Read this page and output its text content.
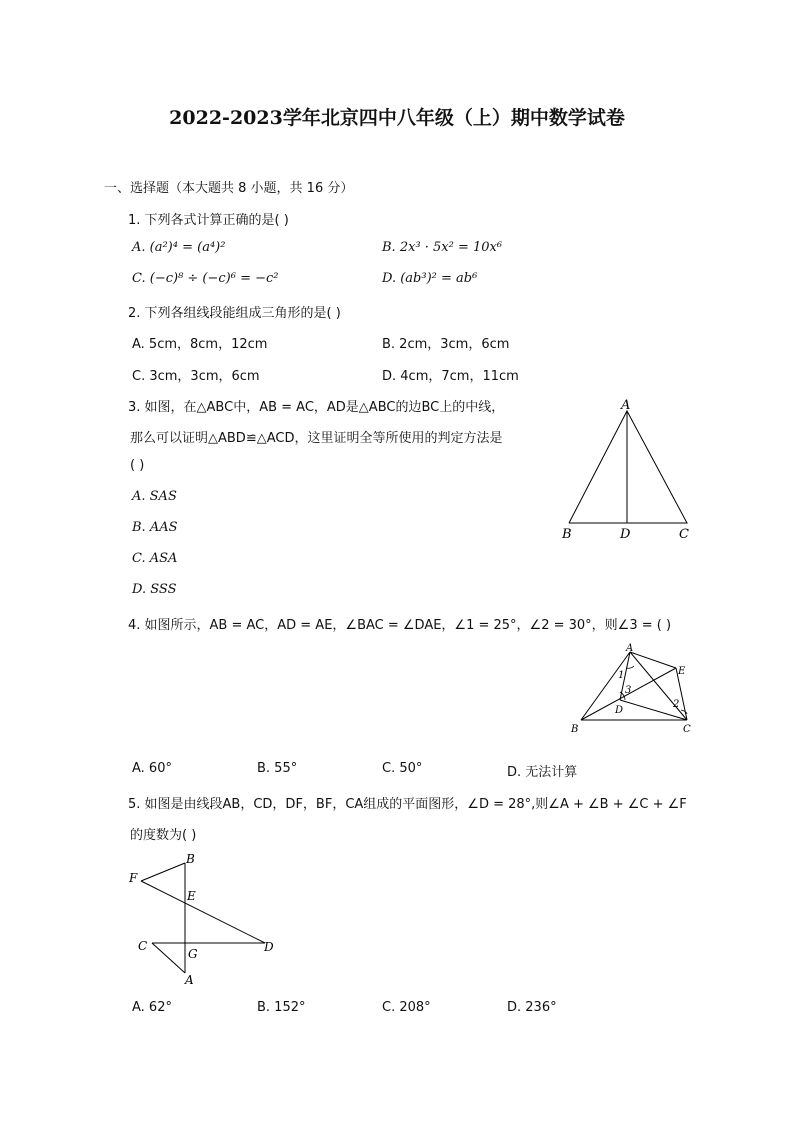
2022-2023学年北京四中八年级（上）期中数学试卷
一、选择题（本大题共 8 小题，共 16 分）
1. 下列各式计算正确的是( )
A. (a²)⁴ = (a⁴)²	B. 2x³ · 5x² = 10x⁶
C. (−c)⁸ ÷ (−c)⁶ = −c²	D. (ab³)² = ab⁶
2. 下列各组线段能组成三角形的是( )
A. 5cm，8cm，12cm	B. 2cm，3cm，6cm
C. 3cm，3cm，6cm	D. 4cm，7cm，11cm
3. 如图，在△ABC中，AB = AC，AD是△ABC的边BC上的中线，
那么可以证明△ABD≌△ACD，这里证明全等所使用的判定方法是
( )
A. SAS
B. AAS
C. ASA
D. SSS
A
B	D	C
4. 如图所示，AB = AC，AD = AE，∠BAC = ∠DAE，∠1 = 25°，∠2 = 30°，则∠3 = ( )
A
E
B	C
D
1
3
2
A. 60°	B. 55°	C. 50°	D. 无法计算
5. 如图是由线段AB，CD，DF，BF，CA组成的平面图形，∠D = 28°,则∠A + ∠B + ∠C + ∠F
的度数为( )
B
F
E
C
G	D
A
A. 62°	B. 152°	C. 208°	D. 236°
